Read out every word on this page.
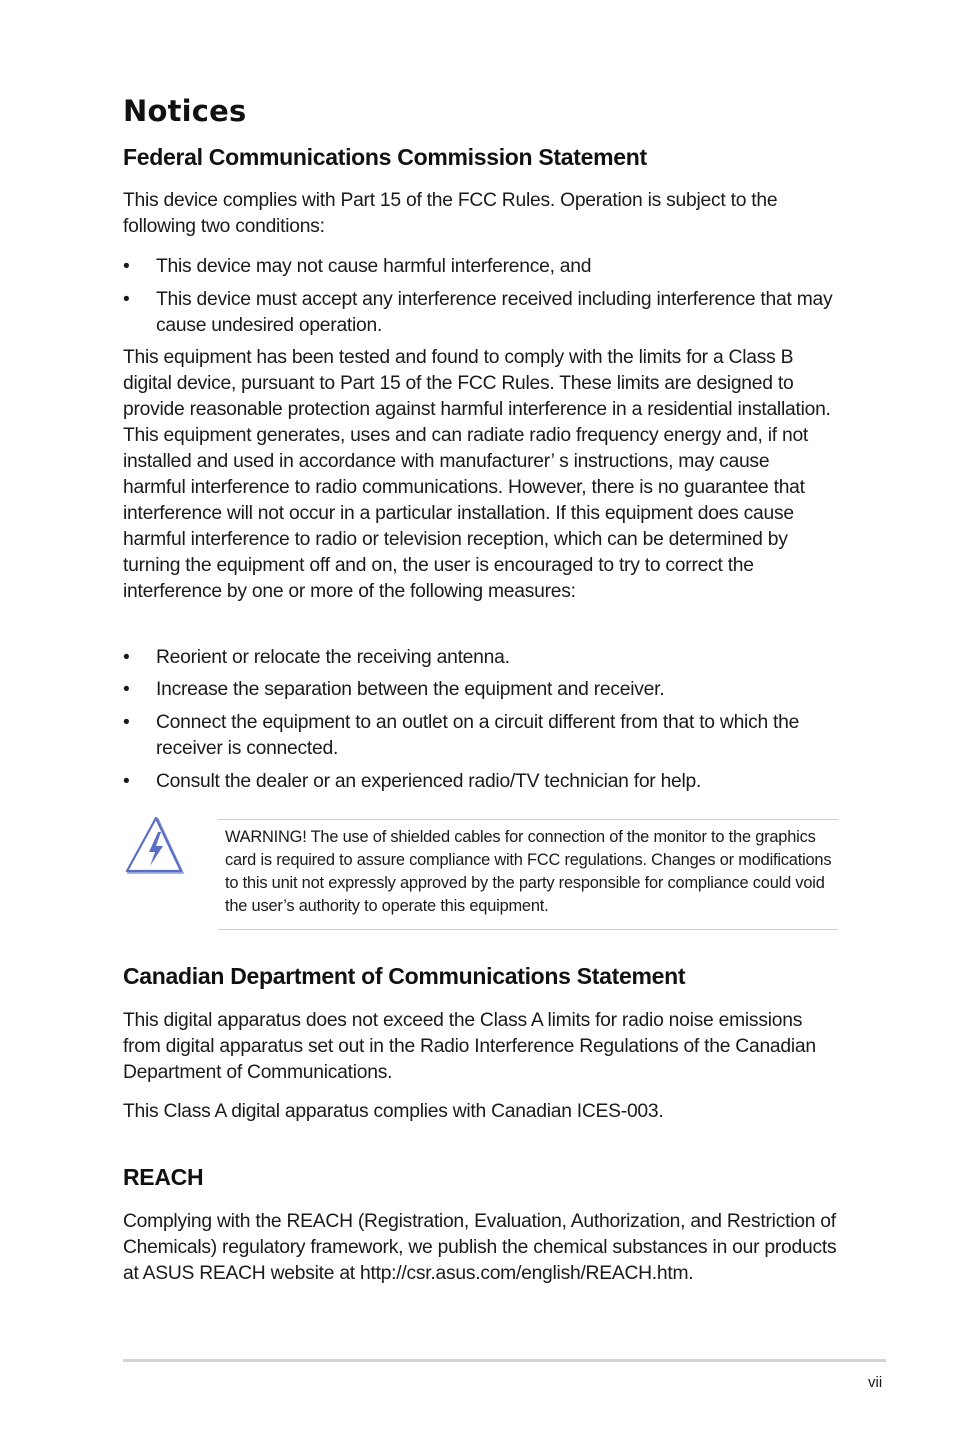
Notices
Federal Communications Commission Statement

This device complies with Part 15 of the FCC Rules. Operation is subject to the following two conditions:

• This device may not cause harmful interference, and
• This device must accept any interference received including interference that may cause undesired operation.

This equipment has been tested and found to comply with the limits for a Class B digital device, pursuant to Part 15 of the FCC Rules. These limits are designed to provide reasonable protection against harmful interference in a residential installation. This equipment generates, uses and can radiate radio frequency energy and, if not installed and used in accordance with manufacturer’ s instructions, may cause harmful interference to radio communications. However, there is no guarantee that interference will not occur in a particular installation. If this equipment does cause harmful interference to radio or television reception, which can be determined by turning the equipment off and on, the user is encouraged to try to correct the interference by one or more of the following measures:

• Reorient or relocate the receiving antenna.
• Increase the separation between the equipment and receiver.
• Connect the equipment to an outlet on a circuit different from that to which the receiver is connected.
• Consult the dealer or an experienced radio/TV technician for help.

WARNING! The use of shielded cables for connection of the monitor to the graphics card is required to assure compliance with FCC regulations. Changes or modifications to this unit not expressly approved by the party responsible for compliance could void the user’s authority to operate this equipment.

Canadian Department of Communications Statement

This digital apparatus does not exceed the Class A limits for radio noise emissions from digital apparatus set out in the Radio Interference Regulations of the Canadian Department of Communications.

This Class A digital apparatus complies with Canadian ICES-003.

REACH

Complying with the REACH (Registration, Evaluation, Authorization, and Restriction of Chemicals) regulatory framework, we publish the chemical substances in our products at ASUS REACH website at http://csr.asus.com/english/REACH.htm.

vii
